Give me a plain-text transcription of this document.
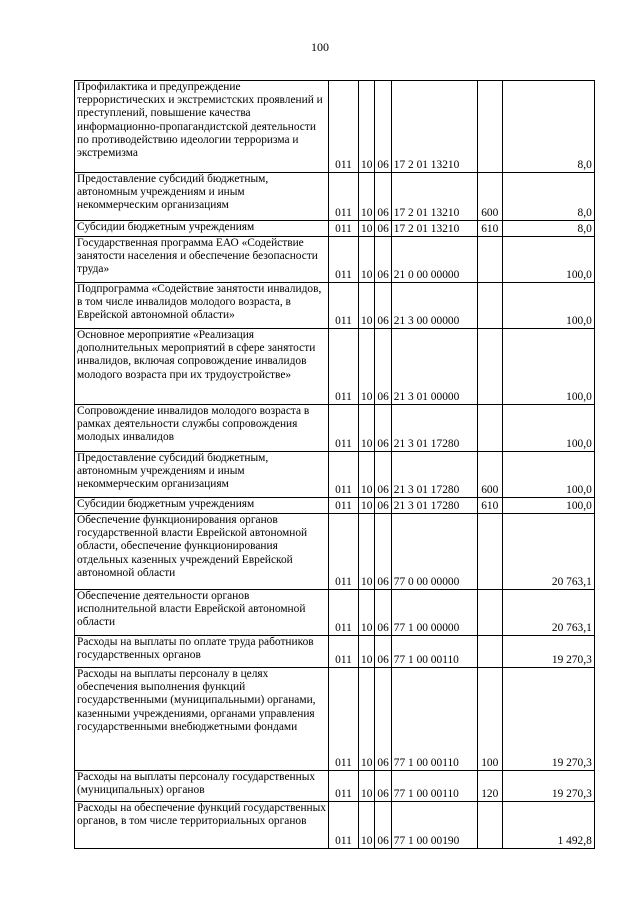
100
Профилактика и предупреждение террористических и экстремистских проявлений и преступлений, повышение качества информационно-пропагандистской деятельности по противодействию идеологии терроризма и экстремизма	011	10	06	17 2 01 13210		8,0
Предоставление субсидий бюджетным, автономным учреждениям и иным некоммерческим организациям	011	10	06	17 2 01 13210	600	8,0
Субсидии бюджетным учреждениям	011	10	06	17 2 01 13210	610	8,0
Государственная программа ЕАО «Содействие занятости населения и обеспечение безопасности труда»	011	10	06	21 0 00 00000		100,0
Подпрограмма «Содействие занятости инвалидов, в том числе инвалидов молодого возраста, в Еврейской автономной области»	011	10	06	21 3 00 00000		100,0
Основное мероприятие «Реализация дополнительных мероприятий в сфере занятости инвалидов, включая сопровождение инвалидов молодого возраста при их трудоустройстве»	011	10	06	21 3 01 00000		100,0
Сопровождение инвалидов молодого возраста в рамках деятельности службы сопровождения молодых инвалидов	011	10	06	21 3 01 17280		100,0
Предоставление субсидий бюджетным, автономным учреждениям и иным некоммерческим организациям	011	10	06	21 3 01 17280	600	100,0
Субсидии бюджетным учреждениям	011	10	06	21 3 01 17280	610	100,0
Обеспечение функционирования органов государственной власти Еврейской автономной области, обеспечение функционирования отдельных казенных учреждений Еврейской автономной области	011	10	06	77 0 00 00000		20 763,1
Обеспечение деятельности органов исполнительной власти Еврейской автономной области	011	10	06	77 1 00 00000		20 763,1
Расходы на выплаты по оплате труда работников государственных органов	011	10	06	77 1 00 00110		19 270,3
Расходы на выплаты персоналу в целях обеспечения выполнения функций государственными (муниципальными) органами, казенными учреждениями, органами управления государственными внебюджетными фондами	011	10	06	77 1 00 00110	100	19 270,3
Расходы на выплаты персоналу государственных (муниципальных) органов	011	10	06	77 1 00 00110	120	19 270,3
Расходы на обеспечение функций государственных органов, в том числе территориальных органов	011	10	06	77 1 00 00190		1 492,8
